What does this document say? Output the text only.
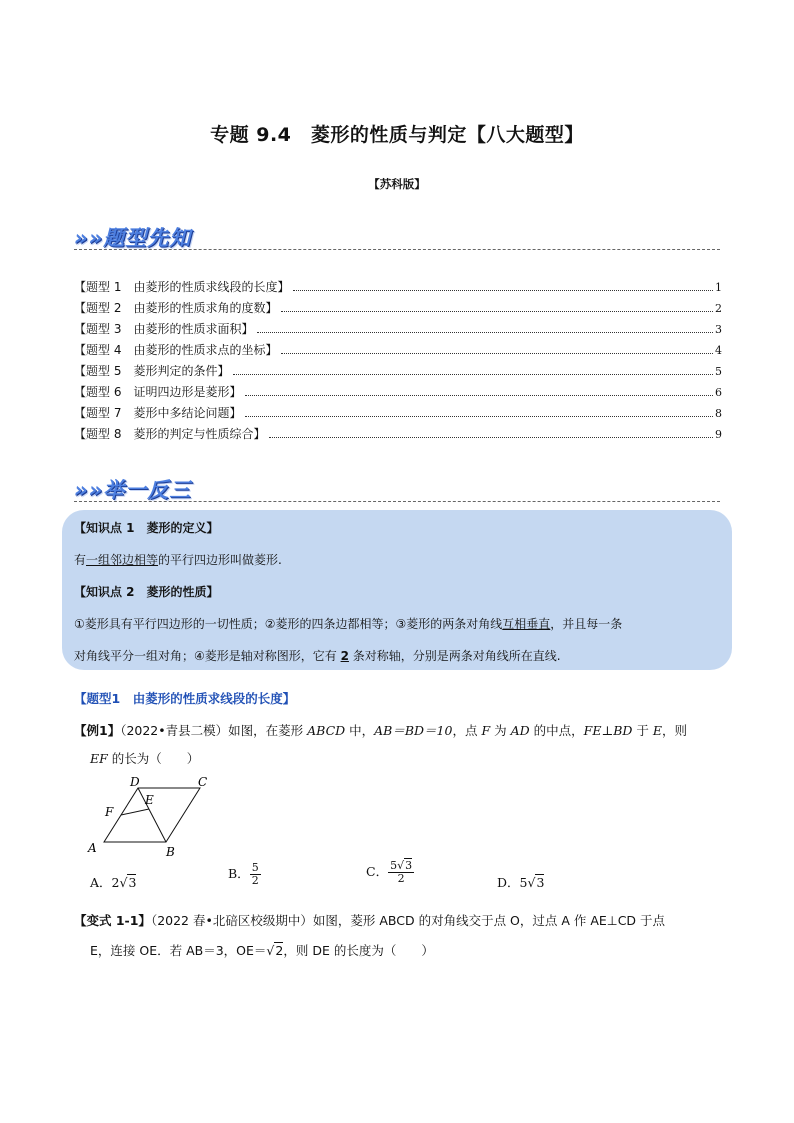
专题 9.4　菱形的性质与判定【八大题型】
【苏科版】
»»题型先知
【题型 1　由菱形的性质求线段的长度】	1
【题型 2　由菱形的性质求角的度数】	2
【题型 3　由菱形的性质求面积】	3
【题型 4　由菱形的性质求点的坐标】	4
【题型 5　菱形判定的条件】	5
【题型 6　证明四边形是菱形】	6
【题型 7　菱形中多结论问题】	8
【题型 8　菱形的判定与性质综合】	9
»»举一反三
【知识点 1　菱形的定义】
有一组邻边相等的平行四边形叫做菱形.
【知识点 2　菱形的性质】
①菱形具有平行四边形的一切性质；②菱形的四条边都相等；③菱形的两条对角线互相垂直，并且每一条
对角线平分一组对角；④菱形是轴对称图形，它有 2 条对称轴，分别是两条对角线所在直线.
【题型1　由菱形的性质求线段的长度】
【例1】（2022•青县二模）如图，在菱形 ABCD 中，AB＝BD＝10，点 F 为 AD 的中点，FE⊥BD 于 E，则
EF 的长为（　　）
A	B
C
D
E
F
A．2√3
B． $\frac{5}{2}$	C． $\frac{5√3}{2}$	D．5√3
【变式 1-1】（2022 春•北碚区校级期中）如图，菱形 ABCD 的对角线交于点 O，过点 A 作 AE⊥CD 于点
E，连接 OE．若 AB＝3，OE＝√2，则 DE 的长度为（　　）
